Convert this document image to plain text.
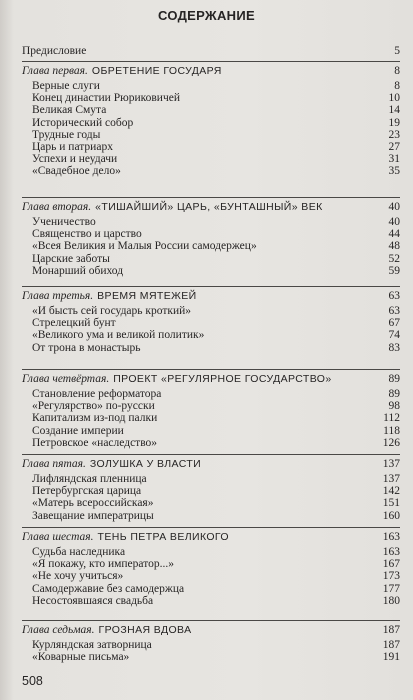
СОДЕРЖАНИЕ
Предисловие	5
Глава первая. ОБРЕТЕНИЕ ГОСУДАРЯ	8
Верные слуги	8
Конец династии Рюриковичей	10
Великая Смута	14
Исторический собор	19
Трудные годы	23
Царь и патриарх	27
Успехи и неудачи	31
«Свадебное дело»	35
Глава вторая. «ТИШАЙШИЙ» ЦАРЬ, «БУНТАШНЫЙ» ВЕК	40
Ученичество	40
Священство и царство	44
«Всея Великия и Малыя России самодержец»	48
Царские заботы	52
Монарший обиход	59
Глава третья. ВРЕМЯ МЯТЕЖЕЙ	63
«И бысть сей государь кроткий»	63
Стрелецкий бунт	67
«Великого ума и великой политик»	74
От трона в монастырь	83
Глава четвёртая. ПРОЕКТ «РЕГУЛЯРНОЕ ГОСУДАРСТВО»	89
Становление реформатора	89
«Регулярство» по-русски	98
Капитализм из-под палки	112
Создание империи	118
Петровское «наследство»	126
Глава пятая. ЗОЛУШКА У ВЛАСТИ	137
Лифляндская пленница	137
Петербургская царица	142
«Матерь всероссийская»	151
Завещание императрицы	160
Глава шестая. ТЕНЬ ПЕТРА ВЕЛИКОГО	163
Судьба наследника	163
«Я покажу, кто император...»	167
«Не хочу учиться»	173
Самодержавие без самодержца	177
Несостоявшаяся свадьба	180
Глава седьмая. ГРОЗНАЯ ВДОВА	187
Курляндская затворница	187
«Коварные письма»	191
508
